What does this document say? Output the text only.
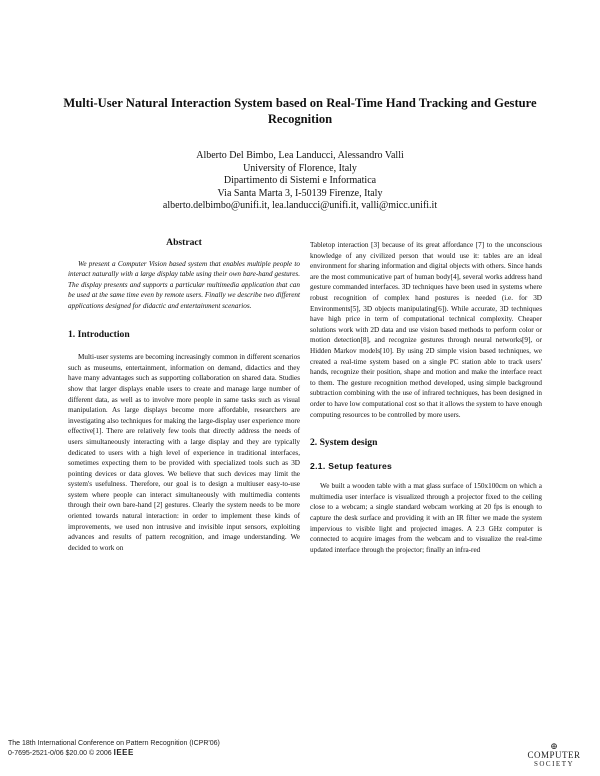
Multi-User Natural Interaction System based on Real-Time Hand Tracking and Gesture Recognition
Alberto Del Bimbo, Lea Landucci, Alessandro Valli
University of Florence, Italy
Dipartimento di Sistemi e Informatica
Via Santa Marta 3, I-50139 Firenze, Italy
alberto.delbimbo@unifi.it, lea.landucci@unifi.it, valli@micc.unifi.it
Abstract

We present a Computer Vision based system that enables multiple people to interact naturally with a large display table using their own bare-hand gestures. The display presents and supports a particular multimedia application that can be used at the same time even by remote users. Finally we describe two different applications designed for didactic and entertainment scenarios.

1. Introduction

Multi-user systems are becoming increasingly common in different scenarios such as museums, entertainment, information on demand, didactics and they have many advantages such as supporting collaboration on shared data. Studies show that larger displays enable users to create and manage large number of different data, as well as to involve more people in same tasks such as visual manipulation. As large displays become more affordable, researchers are investigating also techniques for making the large-display user experience more effective[1]. There are relatively few tools that directly address the needs of users simultaneously interacting with a large display and they are typically dedicated to users with a high level of experience in traditional interfaces, sometimes expecting them to be provided with specialized tools such as 3D pointing devices or data gloves. We believe that such devices may limit the system's usefulness. Therefore, our goal is to design a multiuser easy-to-use system where people can interact simultaneously with multimedia contents through their own bare-hand [2] gestures. Clearly the system needs to be more oriented towards natural interaction: in order to implement these kinds of improvements, we used non intrusive and invisible input sensors, exploiting advances and results of pattern recognition, and image understanding. We decided to work on

Tabletop interaction [3] because of its great affordance [7] to the unconscious knowledge of any civilized person that would use it: tables are an ideal environment for sharing information and digital objects with others. Since hands are the most communicative part of human body[4], several works address hand gesture commanded interfaces. 3D techniques have been used in systems where robust recognition of complex hand postures is needed (i.e. for 3D Environments[5], 3D objects manipulating[6]). While accurate, 3D techniques have high price in term of computational technical complexity. Cheaper solutions work with 2D data and use vision based methods to perform color or motion detection[8], and recognize gestures through neural networks[9], or Hidden Markov models[10]. By using 2D simple vision based techniques, we created a real-time system based on a single PC station able to track users' hands, recognize their position, shape and motion and make the interface react to them. The gesture recognition method developed, using simple background subtraction combining with the use of infrared techniques, has been designed in order to have low computational cost so that it allows the system to have enough computing resources to be controlled by more users.

2. System design
2.1. Setup features

We built a wooden table with a mat glass surface of 150x100cm on which a multimedia user interface is visualized through a projector fixed to the ceiling close to a webcam; a single standard webcam working at 20 fps is enough to capture the desk surface and providing it with an IR filter we made the system impervious to visible light and projected images. A 2.3 GHz computer is connected to acquire images from the webcam and to visualize the real-time updated interface through the projector; finally an infra-red

The 18th International Conference on Pattern Recognition (ICPR'06)
0-7695-2521-0/06 $20.00 © 2006 IEEE
⊕
COMPUTER
SOCIETY
